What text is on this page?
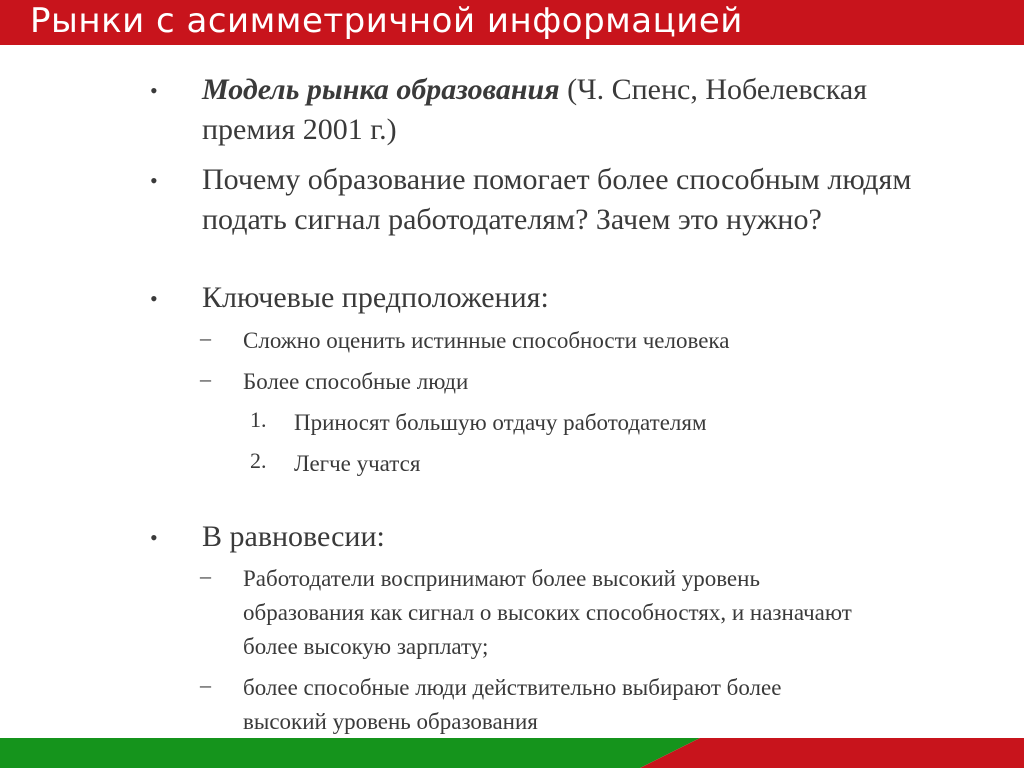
Рынки с асимметричной информацией
• Модель рынка образования (Ч. Спенс, Нобелевская
премия 2001 г.)
• Почему образование помогает более способным людям
подать сигнал работодателям? Зачем это нужно?
• Ключевые предположения:
– Сложно оценить истинные способности человека
– Более способные люди
1. Приносят большую отдачу работодателям
2. Легче учатся
• В равновесии:
– Работодатели воспринимают более высокий уровень
образования как сигнал о высоких способностях, и назначают
более высокую зарплату;
– более способные люди действительно выбирают более
высокий уровень образования
